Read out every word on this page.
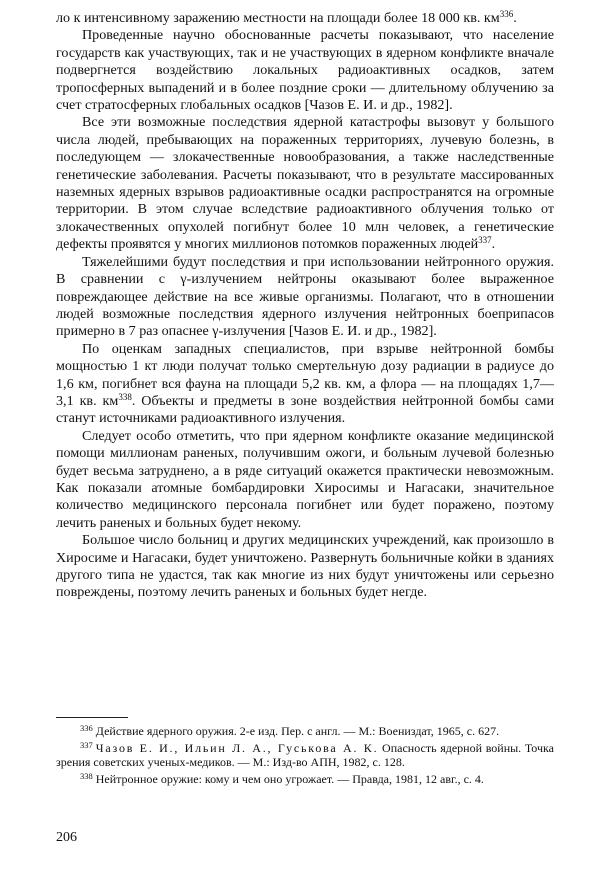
ло к интенсивному заражению местности на площади более 18 000 кв. $км^{336}$.

Проведенные научно обоснованные расчеты показывают, что население государств как участвующих, так и не участвующих в ядерном конфликте вначале подвергнется воздействию локальных радиоактивных осадков, затем тропосферных выпадений и в более поздние сроки — длительному облучению за счет стратосферных глобальных осадков [Чазов Е. И. и др., 1982].

Все эти возможные последствия ядерной катастрофы вызовут у большого числа людей, пребывающих на пораженных территориях, лучевую болезнь, в последующем — злокачественные новообразования, а также наследственные генетические заболевания. Расчеты показывают, что в результате массированных наземных ядерных взрывов радиоактивные осадки распространятся на огромные территории. В этом случае вследствие радиоактивного облучения только от злокачественных опухолей погибнут более 10 млн человек, а генетические дефекты проявятся у многих миллионов потомков пораженных людей$^{337}$.

Тяжелейшими будут последствия и при использовании нейтронного оружия. В сравнении с γ-излучением нейтроны оказывают более выраженное повреждающее действие на все живые организмы. Полагают, что в отношении людей возможные последствия ядерного излучения нейтронных боеприпасов примерно в 7 раз опаснее γ-излучения [Чазов Е. И. и др., 1982].

По оценкам западных специалистов, при взрыве нейтронной бомбы мощностью 1 кт люди получат только смертельную дозу радиации в радиусе до 1,6 км, погибнет вся фауна на площади 5,2 кв. км, а флора — на площадях 1,7—3,1 кв. $км^{338}$. Объекты и предметы в зоне воздействия нейтронной бомбы сами станут источниками радиоактивного излучения.

Следует особо отметить, что при ядерном конфликте оказание медицинской помощи миллионам раненых, получившим ожоги, и больным лучевой болезнью будет весьма затруднено, а в ряде ситуаций окажется практически невозможным. Как показали атомные бомбардировки Хиросимы и Нагасаки, значительное количество медицинского персонала погибнет или будет поражено, поэтому лечить раненых и больных будет некому.

Большое число больниц и других медицинских учреждений, как произошло в Хиросиме и Нагасаки, будет уничтожено. Развернуть больничные койки в зданиях другого типа не удастся, так как многие из них будут уничтожены или серьезно повреждены, поэтому лечить раненых и больных будет негде.

$^{336}$ Действие ядерного оружия. 2-е изд. Пер. с англ. — М.: Воениздат, 1965, с. 627.

$^{337}$ Чазов Е. И., Ильин Л. А., Гуськова А. К. Опасность ядерной войны. Точка зрения советских ученых-медиков. — М.: Изд-во АПН, 1982, с. 128.

$^{338}$ Нейтронное оружие: кому и чем оно угрожает. — Правда, 1981, 12 авг., с. 4.

206
